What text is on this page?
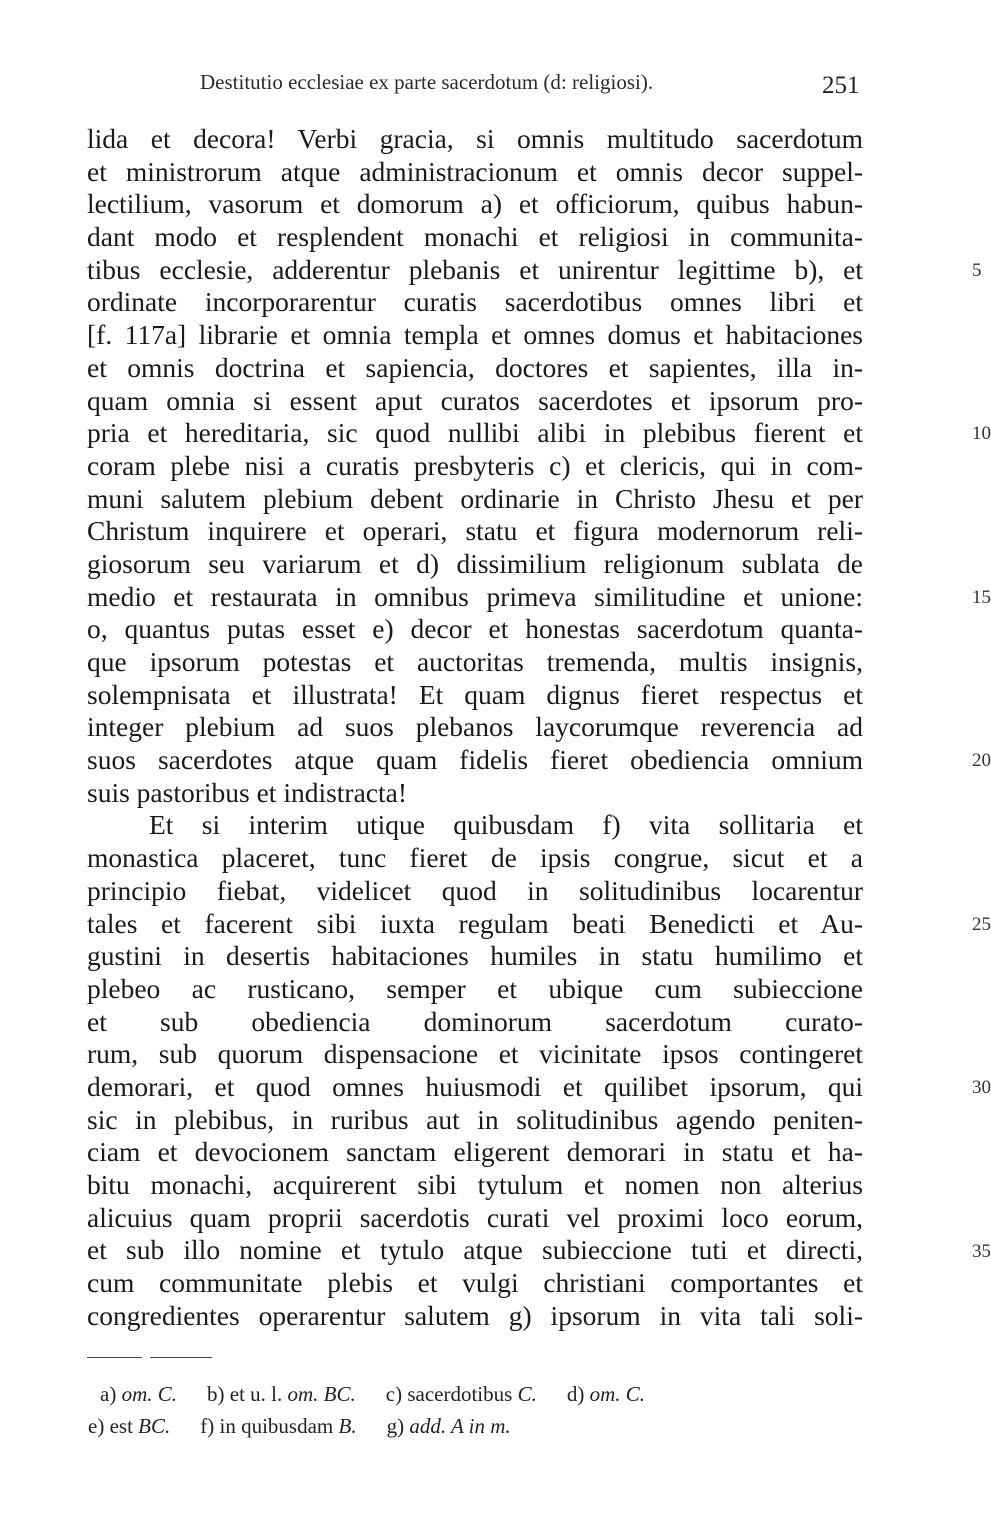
Destitutio ecclesiae ex parte sacerdotum (d: religiosi).	251
lida et decora! Verbi gracia, si omnis multitudo sacerdotum
et ministrorum atque administracionum et omnis decor suppel-
lectilium, vasorum et domorum a) et officiorum, quibus habun-
dant modo et resplendent monachi et religiosi in communita-
tibus ecclesie, adderentur plebanis et unirentur legittime b), et
ordinate incorporarentur curatis sacerdotibus omnes libri et
[f. 117a] librarie et omnia templa et omnes domus et habitaciones
et omnis doctrina et sapiencia, doctores et sapientes, illa in-
quam omnia si essent aput curatos sacerdotes et ipsorum pro-
pria et hereditaria, sic quod nullibi alibi in plebibus fierent et
coram plebe nisi a curatis presbyteris c) et clericis, qui in com-
muni salutem plebium debent ordinarie in Christo Jhesu et per
Christum inquirere et operari, statu et figura modernorum reli-
giosorum seu variarum et d) dissimilium religionum sublata de
medio et restaurata in omnibus primeva similitudine et unione:
o, quantus putas esset e) decor et honestas sacerdotum quanta-
que ipsorum potestas et auctoritas tremenda, multis insignis,
solempnisata et illustrata! Et quam dignus fieret respectus et
integer plebium ad suos plebanos laycorumque reverencia ad
suos sacerdotes atque quam fidelis fieret obediencia omnium
suis pastoribus et indistracta!
Et si interim utique quibusdam f) vita sollitaria et
monastica placeret, tunc fieret de ipsis congrue, sicut et a
principio fiebat, videlicet quod in solitudinibus locarentur
tales et facerent sibi iuxta regulam beati Benedicti et Au-
gustini in desertis habitaciones humiles in statu humilimo et
plebeo ac rusticano, semper et ubique cum subieccione
et sub obediencia dominorum sacerdotum curato-
rum, sub quorum dispensacione et vicinitate ipsos contingeret
demorari, et quod omnes huiusmodi et quilibet ipsorum, qui
sic in plebibus, in ruribus aut in solitudinibus agendo peniten-
ciam et devocionem sanctam eligerent demorari in statu et ha-
bitu monachi, acquirerent sibi tytulum et nomen non alterius
alicuius quam proprii sacerdotis curati vel proximi loco eorum,
et sub illo nomine et tytulo atque subieccione tuti et directi,
cum communitate plebis et vulgi christiani comportantes et
congredientes operarentur salutem g) ipsorum in vita tali soli-
5
10
15
20
25
30
35
a) om. C. b) et u. l. om. BC. c) sacerdotibus C. d) om. C.
e) est BC. f) in quibusdam B. g) add. A in m.
